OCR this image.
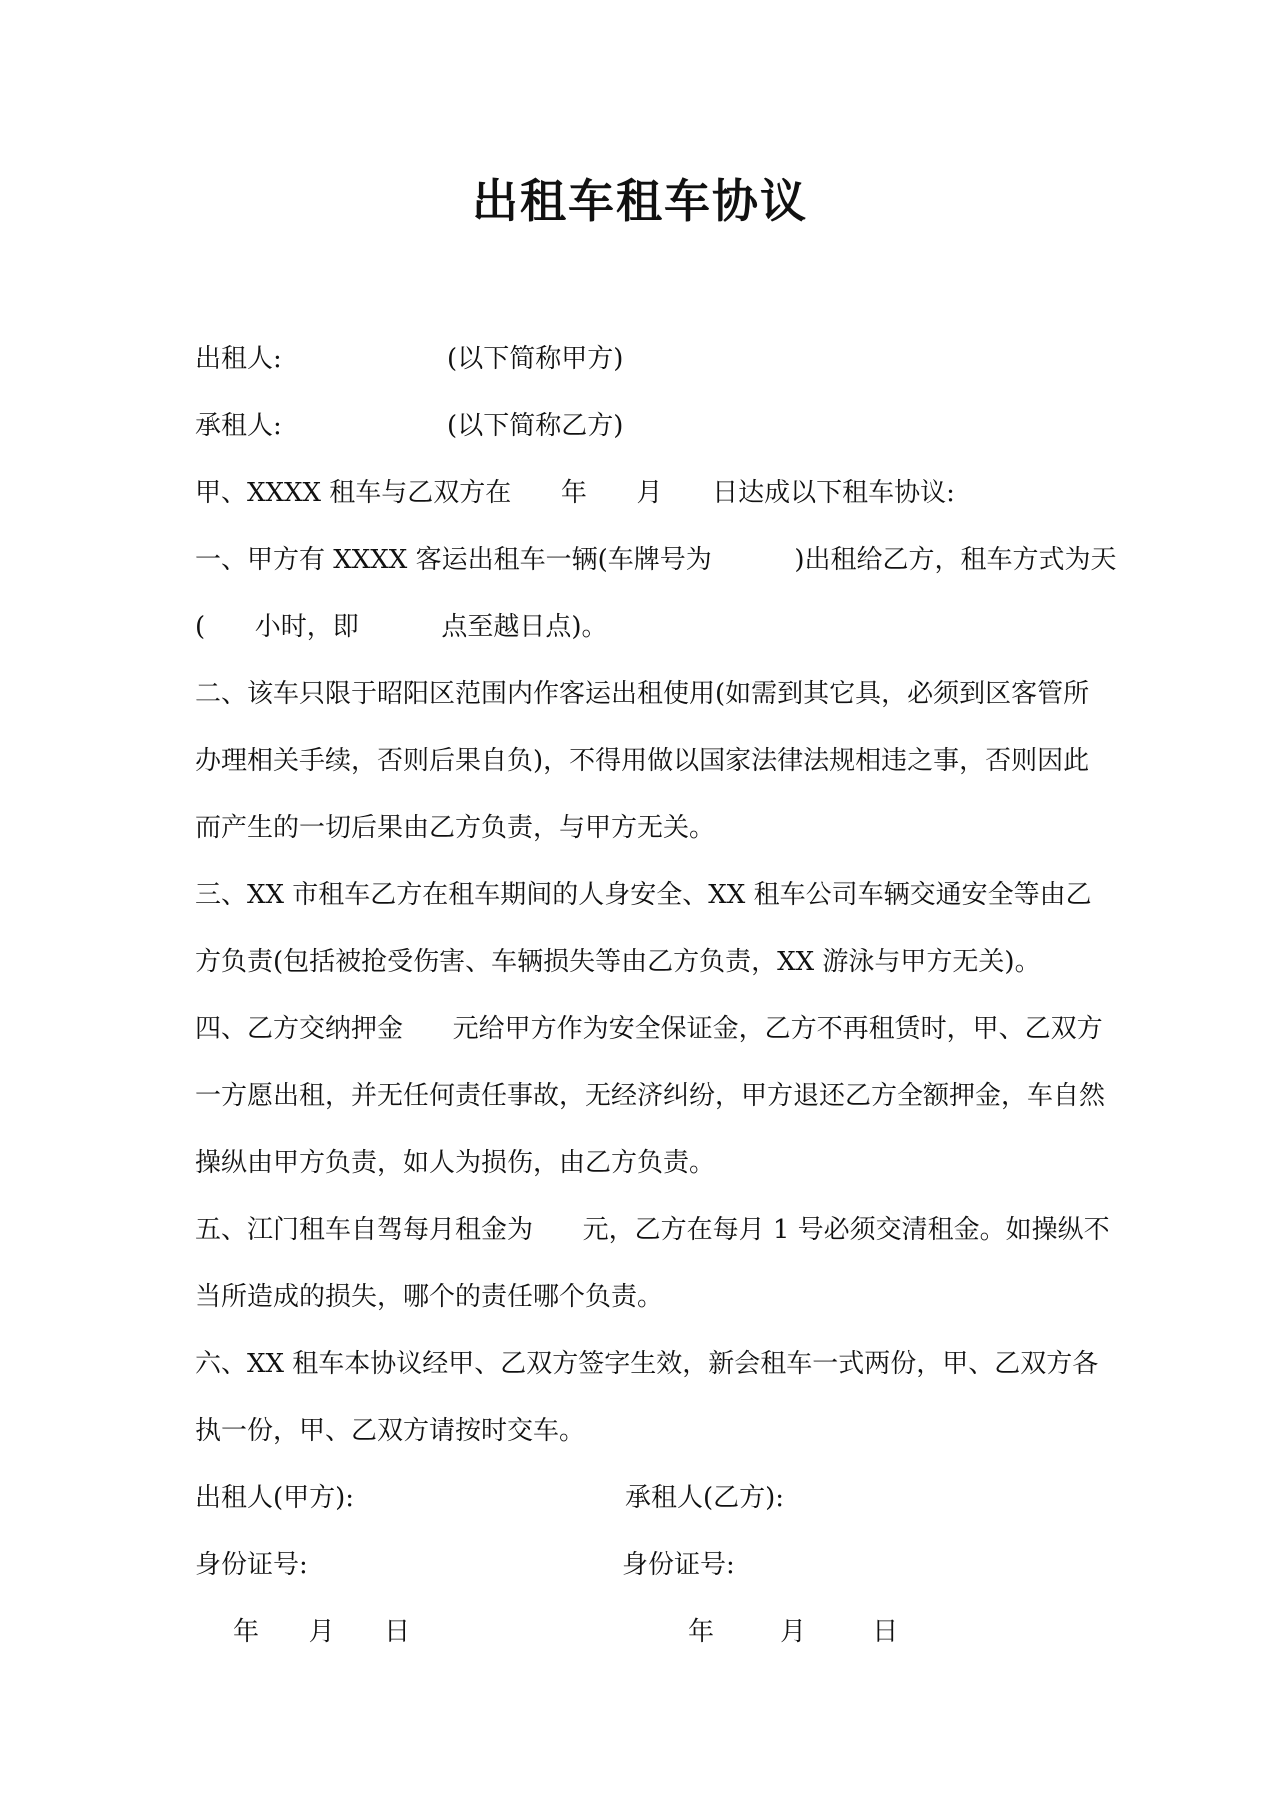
出租车租车协议

出租人:                    (以下简称甲方)

承租人:                    (以下简称乙方)

甲、XXXX 租车与乙双方在      年      月      日达成以下租车协议:

一、甲方有 XXXX 客运出租车一辆(车牌号为          )出租给乙方，租车方式为天

(      小时，即          点至越日点)。

二、该车只限于昭阳区范围内作客运出租使用(如需到其它具，必须到区客管所

办理相关手续，否则后果自负)，不得用做以国家法律法规相违之事，否则因此

而产生的一切后果由乙方负责，与甲方无关。

三、XX 市租车乙方在租车期间的人身安全、XX 租车公司车辆交通安全等由乙

方负责(包括被抢受伤害、车辆损失等由乙方负责，XX 游泳与甲方无关)。

四、乙方交纳押金      元给甲方作为安全保证金，乙方不再租赁时，甲、乙双方

一方愿出租，并无任何责任事故，无经济纠纷，甲方退还乙方全额押金，车自然

操纵由甲方负责，如人为损伤，由乙方负责。

五、江门租车自驾每月租金为      元，乙方在每月 1 号必须交清租金。如操纵不

当所造成的损失，哪个的责任哪个负责。

六、XX 租车本协议经甲、乙双方签字生效，新会租车一式两份，甲、乙双方各

执一份，甲、乙双方请按时交车。

出租人(甲方):	承租人(乙方):

身份证号:	身份证号:

年      月      日	年        月        日
